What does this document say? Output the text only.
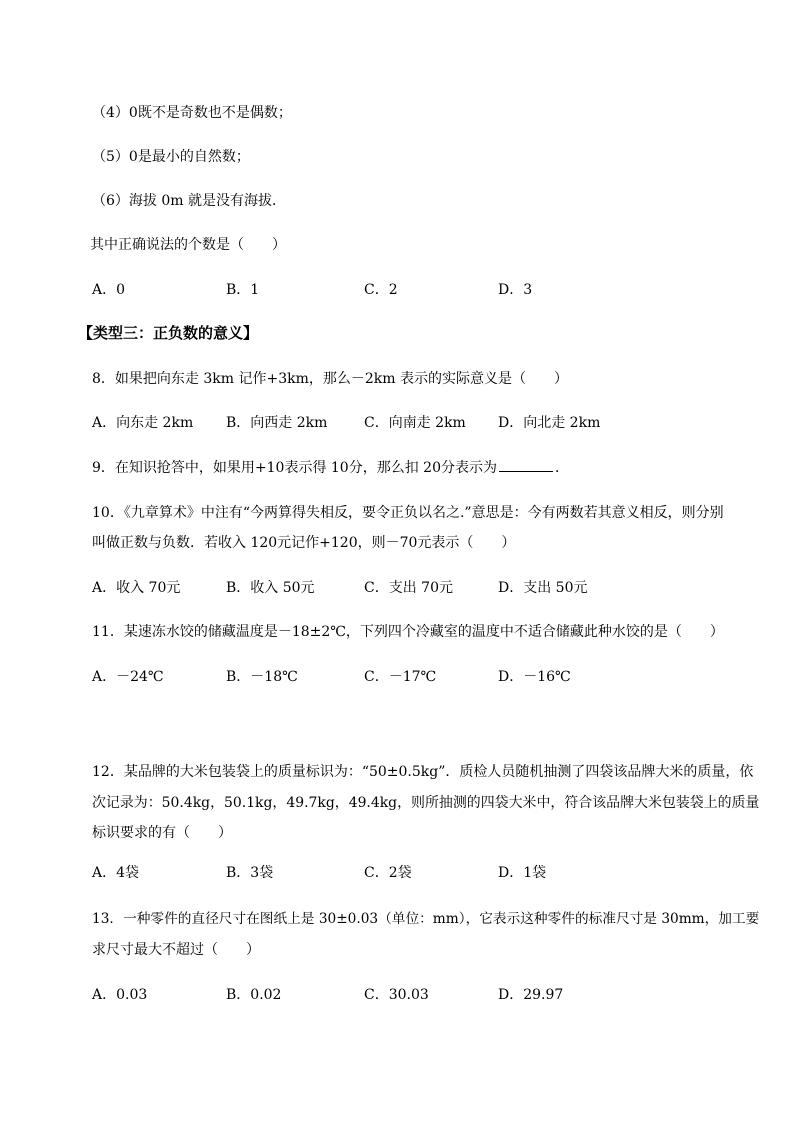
（4）0既不是奇数也不是偶数；
（5）0是最小的自然数；
（6）海拔 0m 就是没有海拔．
其中正确说法的个数是（　　）
A．0	B．1	C．2	D．3
【类型三：正负数的意义】
8．如果把向东走 3km 记作+3km，那么－2km 表示的实际意义是（　　）
A．向东走 2km B．向西走 2km	C．向南走 2km D．向北走 2km
9．在知识抢答中，如果用+10表示得 10分，那么扣 20分表示为	．
10．《九章算术》中注有“今两算得失相反，要令正负以名之.”意思是：今有两数若其意义相反，则分别
叫做正数与负数．若收入 120元记作+120，则－70元表示（　　）
A．收入 70元	B．收入 50元	C．支出 70元	D．支出 50元
11．某速冻水饺的储藏温度是－18±2℃，下列四个冷藏室的温度中不适合储藏此种水饺的是（　　）
A．－24℃	B．－18℃	C．－17℃	D．－16℃
12．某品牌的大米包装袋上的质量标识为：“50±0.5kg”．质检人员随机抽测了四袋该品牌大米的质量，依
次记录为：50.4kg，50.1kg，49.7kg，49.4kg，则所抽测的四袋大米中，符合该品牌大米包装袋上的质量
标识要求的有（　　）
A．4袋	B．3袋	C．2袋	D．1袋
13．一种零件的直径尺寸在图纸上是 30±0.03（单位：mm），它表示这种零件的标准尺寸是 30mm，加工要
求尺寸最大不超过（　　）
A．0.03	B．0.02	C．30.03	D．29.97
